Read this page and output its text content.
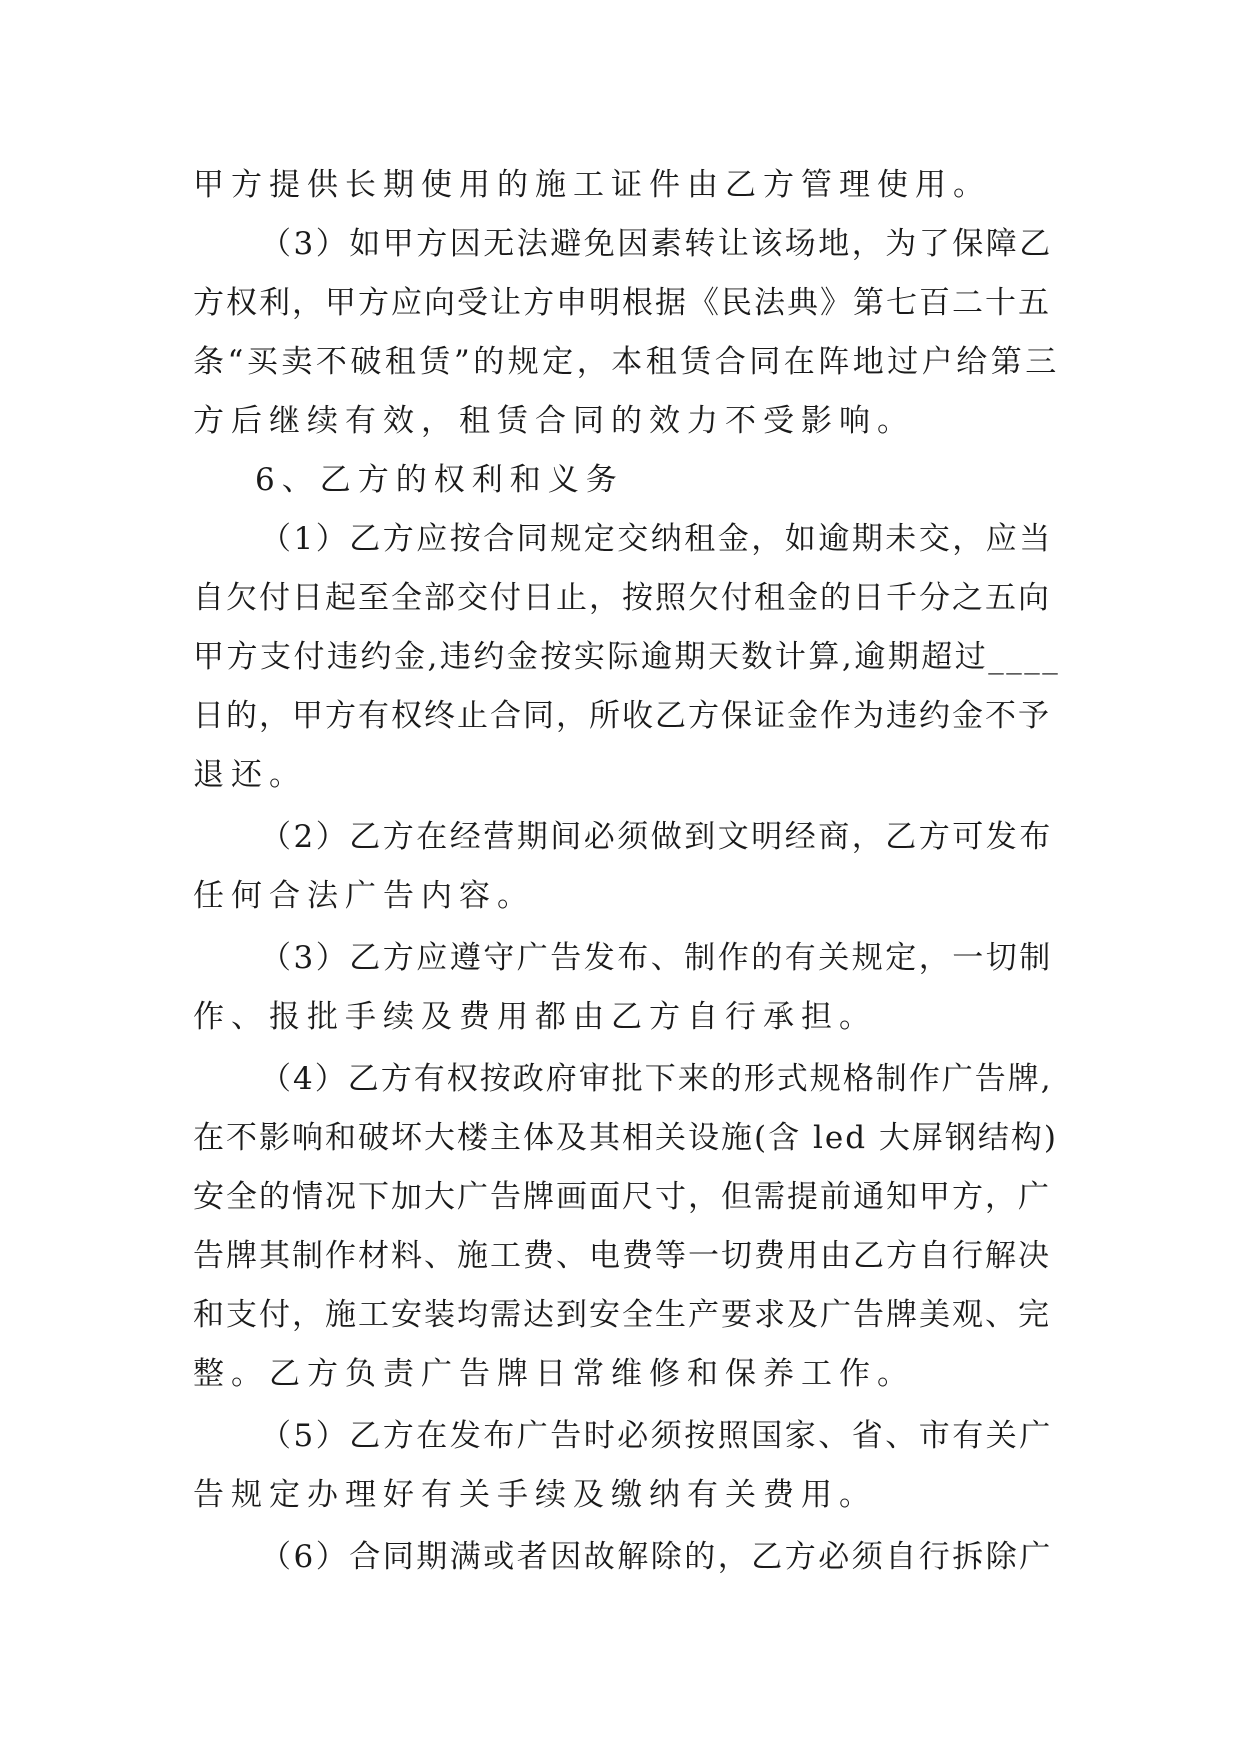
甲方提供长期使用的施工证件由乙方管理使用。
（3）如甲方因无法避免因素转让该场地，为了保障乙
方权利，甲方应向受让方申明根据《民法典》第七百二十五
条“买卖不破租赁”的规定，本租赁合同在阵地过户给第三
方后继续有效，租赁合同的效力不受影响。
6、乙方的权利和义务
（1）乙方应按合同规定交纳租金，如逾期未交，应当
自欠付日起至全部交付日止，按照欠付租金的日千分之五向
甲方支付违约金,违约金按实际逾期天数计算,逾期超过____
日的，甲方有权终止合同，所收乙方保证金作为违约金不予
退还。
（2）乙方在经营期间必须做到文明经商，乙方可发布
任何合法广告内容。
（3）乙方应遵守广告发布、制作的有关规定，一切制
作、报批手续及费用都由乙方自行承担。
（4）乙方有权按政府审批下来的形式规格制作广告牌,
在不影响和破坏大楼主体及其相关设施(含 led 大屏钢结构)
安全的情况下加大广告牌画面尺寸，但需提前通知甲方，广
告牌其制作材料、施工费、电费等一切费用由乙方自行解决
和支付，施工安装均需达到安全生产要求及广告牌美观、完
整。乙方负责广告牌日常维修和保养工作。
（5）乙方在发布广告时必须按照国家、省、市有关广
告规定办理好有关手续及缴纳有关费用。
（6）合同期满或者因故解除的，乙方必须自行拆除广
